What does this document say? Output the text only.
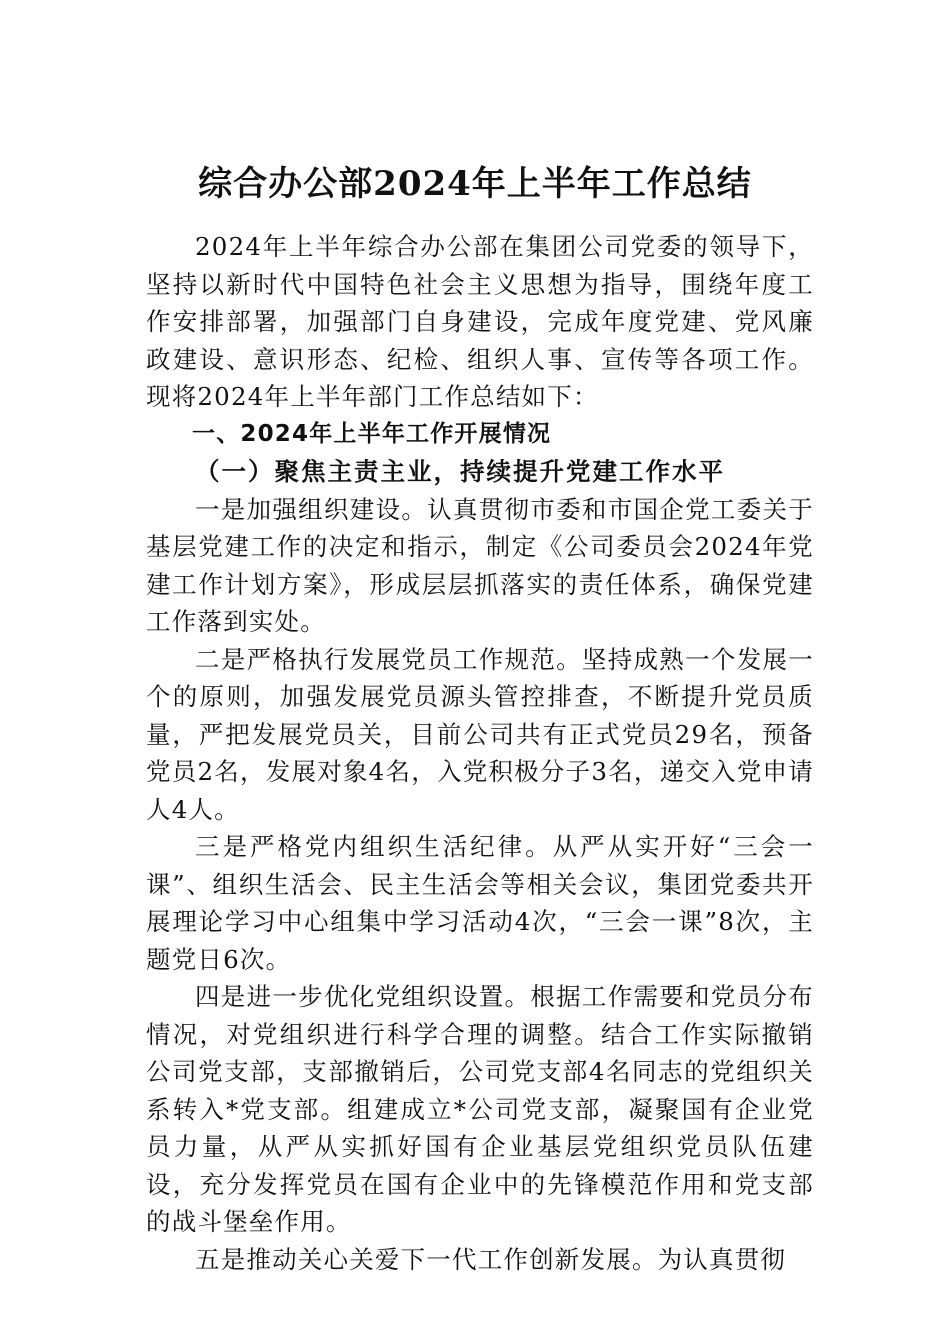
综合办公部2024年上半年工作总结

2024年上半年综合办公部在集团公司党委的领导下，坚持以新时代中国特色社会主义思想为指导，围绕年度工作安排部署，加强部门自身建设，完成年度党建、党风廉政建设、意识形态、纪检、组织人事、宣传等各项工作。现将2024年上半年部门工作总结如下：

一、2024年上半年工作开展情况

（一）聚焦主责主业，持续提升党建工作水平

一是加强组织建设。认真贯彻市委和市国企党工委关于基层党建工作的决定和指示，制定《公司委员会2024年党建工作计划方案》，形成层层抓落实的责任体系，确保党建工作落到实处。

二是严格执行发展党员工作规范。坚持成熟一个发展一个的原则，加强发展党员源头管控排查，不断提升党员质量，严把发展党员关，目前公司共有正式党员29名，预备党员2名，发展对象4名，入党积极分子3名，递交入党申请人4人。

三是严格党内组织生活纪律。从严从实开好“三会一课”、组织生活会、民主生活会等相关会议，集团党委共开展理论学习中心组集中学习活动4次，“三会一课”8次，主题党日6次。

四是进一步优化党组织设置。根据工作需要和党员分布情况，对党组织进行科学合理的调整。结合工作实际撤销公司党支部，支部撤销后，公司党支部4名同志的党组织关系转入*党支部。组建成立*公司党支部，凝聚国有企业党员力量，从严从实抓好国有企业基层党组织党员队伍建设，充分发挥党员在国有企业中的先锋模范作用和党支部的战斗堡垒作用。

五是推动关心关爱下一代工作创新发展。为认真贯彻
